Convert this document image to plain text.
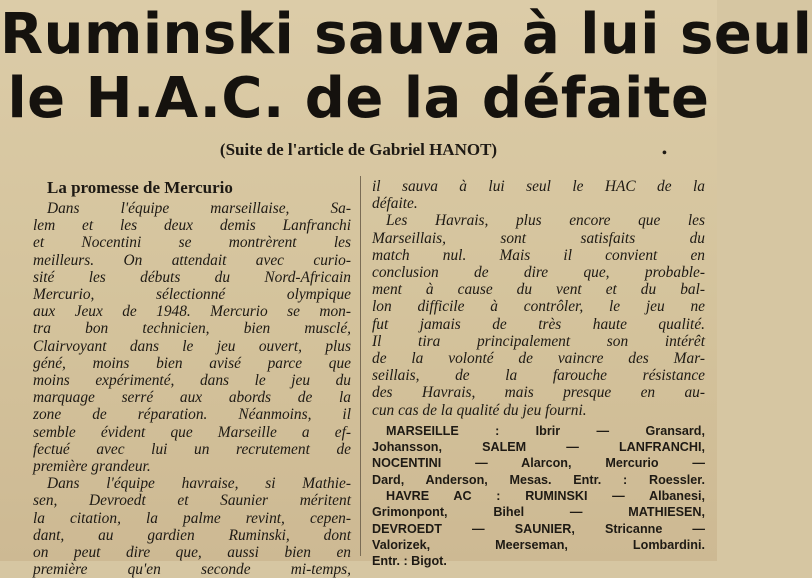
Ruminski sauva à lui seul
le H.A.C. de la défaite
(Suite de l'article de Gabriel HANOT)	•
La promesse de Mercurio
Dans l'équipe marseillaise, Sa-
lem et les deux demis Lanfranchi
et Nocentini se montrèrent les
meilleurs. On attendait avec curio-
sité les débuts du Nord-Africain
Mercurio, sélectionné olympique
aux Jeux de 1948. Mercurio se mon-
tra bon technicien, bien musclé,
Clairvoyant dans le jeu ouvert, plus
géné, moins bien avisé parce que
moins expérimenté, dans le jeu du
marquage serré aux abords de la
zone de réparation. Néanmoins, il
semble évident que Marseille a ef-
fectué avec lui un recrutement de
première grandeur.
Dans l'équipe havraise, si Mathie-
sen, Devroedt et Saunier méritent
la citation, la palme revint, cepen-
dant, au gardien Ruminski, dont
on peut dire que, aussi bien en
première qu'en seconde mi-temps,
il sauva à lui seul le HAC de la
défaite.
Les Havrais, plus encore que les
Marseillais, sont satisfaits du
match nul. Mais il convient en
conclusion de dire que, probable-
ment à cause du vent et du bal-
lon difficile à contrôler, le jeu ne
fut jamais de très haute qualité.
Il tira principalement son intérêt
de la volonté de vaincre des Mar-
seillais, de la farouche résistance
des Havrais, mais presque en au-
cun cas de la qualité du jeu fourni.
MARSEILLE : Ibrir — Gransard,
Johansson, SALEM — LANFRANCHI,
NOCENTINI — Alarcon, Mercurio —
Dard, Anderson, Mesas. Entr. : Roessler.
HAVRE AC : RUMINSKI — Albanesi,
Grimonpont, Bihel — MATHIESEN,
DEVROEDT — SAUNIER, Stricanne —
Valorizek, Meerseman, Lombardini.
Entr. : Bigot.
